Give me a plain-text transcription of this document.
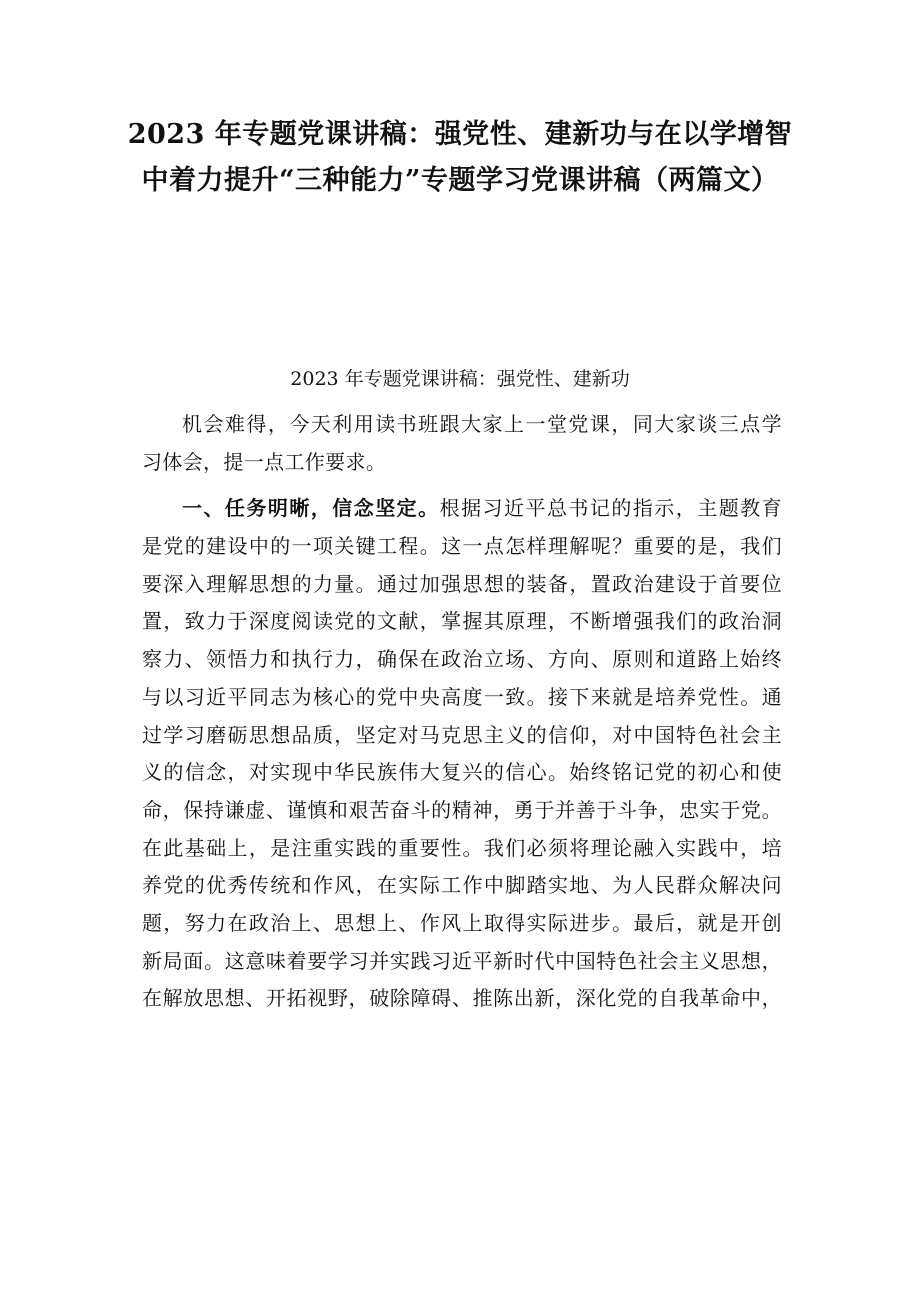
2023 年专题党课讲稿：强党性、建新功与在以学增智
中着力提升“三种能力”专题学习党课讲稿（两篇文）
2023 年专题党课讲稿：强党性、建新功
机会难得，今天利用读书班跟大家上一堂党课，同大家谈三点学
习体会，提一点工作要求。
一、任务明晰，信念坚定。根据习近平总书记的指示，主题教育
是党的建设中的一项关键工程。这一点怎样理解呢？重要的是，我们
要深入理解思想的力量。通过加强思想的装备，置政治建设于首要位
置，致力于深度阅读党的文献，掌握其原理，不断增强我们的政治洞
察力、领悟力和执行力，确保在政治立场、方向、原则和道路上始终
与以习近平同志为核心的党中央高度一致。接下来就是培养党性。通
过学习磨砺思想品质，坚定对马克思主义的信仰，对中国特色社会主
义的信念，对实现中华民族伟大复兴的信心。始终铭记党的初心和使
命，保持谦虚、谨慎和艰苦奋斗的精神，勇于并善于斗争，忠实于党。
在此基础上，是注重实践的重要性。我们必须将理论融入实践中，培
养党的优秀传统和作风，在实际工作中脚踏实地、为人民群众解决问
题，努力在政治上、思想上、作风上取得实际进步。最后，就是开创
新局面。这意味着要学习并实践习近平新时代中国特色社会主义思想，
在解放思想、开拓视野，破除障碍、推陈出新，深化党的自我革命中，
